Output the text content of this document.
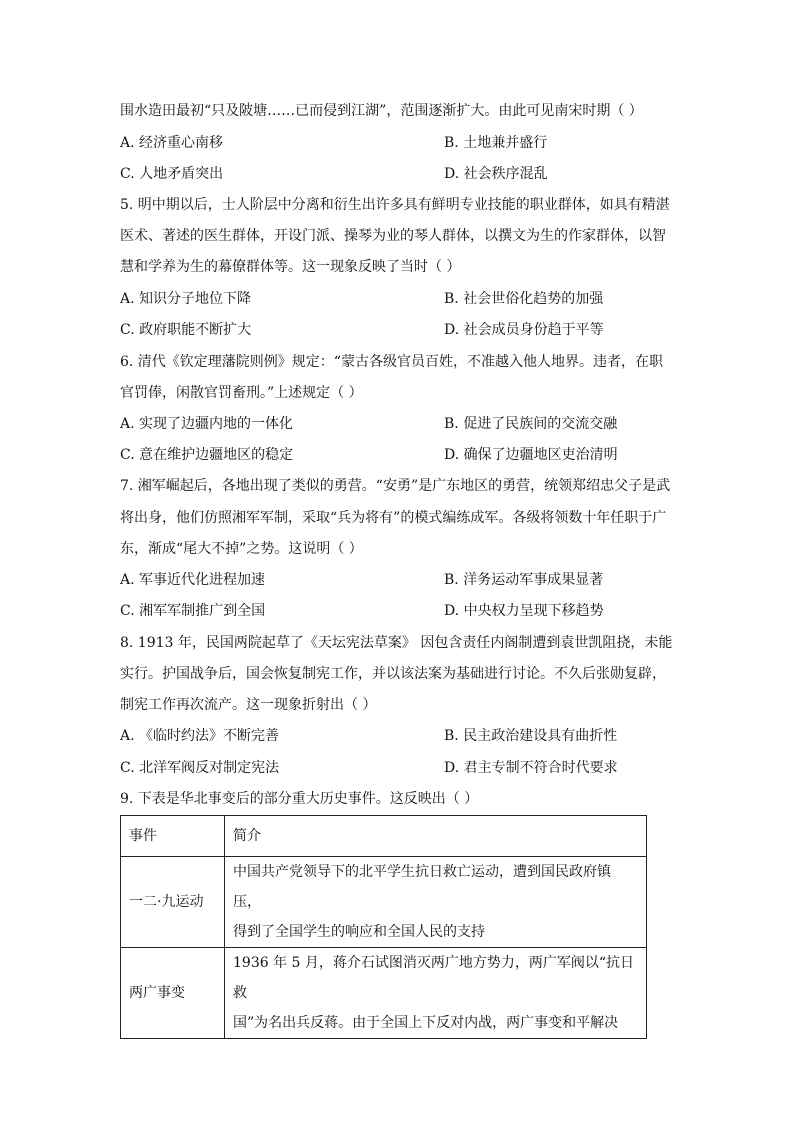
围水造田最初“只及陂塘……已而侵到江湖”，范围逐渐扩大。由此可见南宋时期（ ）
A. 经济重心南移	B. 土地兼并盛行
C. 人地矛盾突出	D. 社会秩序混乱
5. 明中期以后，士人阶层中分离和衍生出许多具有鲜明专业技能的职业群体，如具有精湛
医术、著述的医生群体，开设门派、操琴为业的琴人群体，以撰文为生的作家群体，以智
慧和学养为生的幕僚群体等。这一现象反映了当时（ ）
A. 知识分子地位下降	B. 社会世俗化趋势的加强
C. 政府职能不断扩大	D. 社会成员身份趋于平等
6. 清代《钦定理藩院则例》规定：“蒙古各级官员百姓，不准越入他人地界。违者，在职
官罚俸，闲散官罚畜刑。”上述规定（ ）
A. 实现了边疆内地的一体化	B. 促进了民族间的交流交融
C. 意在维护边疆地区的稳定	D. 确保了边疆地区吏治清明
7. 湘军崛起后，各地出现了类似的勇营。“安勇”是广东地区的勇营，统领郑绍忠父子是武
将出身，他们仿照湘军军制，采取“兵为将有”的模式编练成军。各级将领数十年任职于广
东，渐成“尾大不掉”之势。这说明（ ）
A. 军事近代化进程加速	B. 洋务运动军事成果显著
C. 湘军军制推广到全国	D. 中央权力呈现下移趋势
8. 1913 年，民国两院起草了《天坛宪法草案》 因包含责任内阁制遭到袁世凯阻挠，未能
实行。护国战争后，国会恢复制宪工作，并以该法案为基础进行讨论。不久后张勋复辟，
制宪工作再次流产。这一现象折射出（ ）
A. 《临时约法》不断完善	B. 民主政治建设具有曲折性
C. 北洋军阀反对制定宪法	D. 君主专制不符合时代要求
9. 下表是华北事变后的部分重大历史事件。这反映出（ ）
事件	简介
一二·九运动	中国共产党领导下的北平学生抗日救亡运动，遭到国民政府镇压，
得到了全国学生的响应和全国人民的支持

两广事变	1936 年 5 月，蒋介石试图消灭两广地方势力，两广军阀以“抗日救
国”为名出兵反蒋。由于全国上下反对内战，两广事变和平解决
